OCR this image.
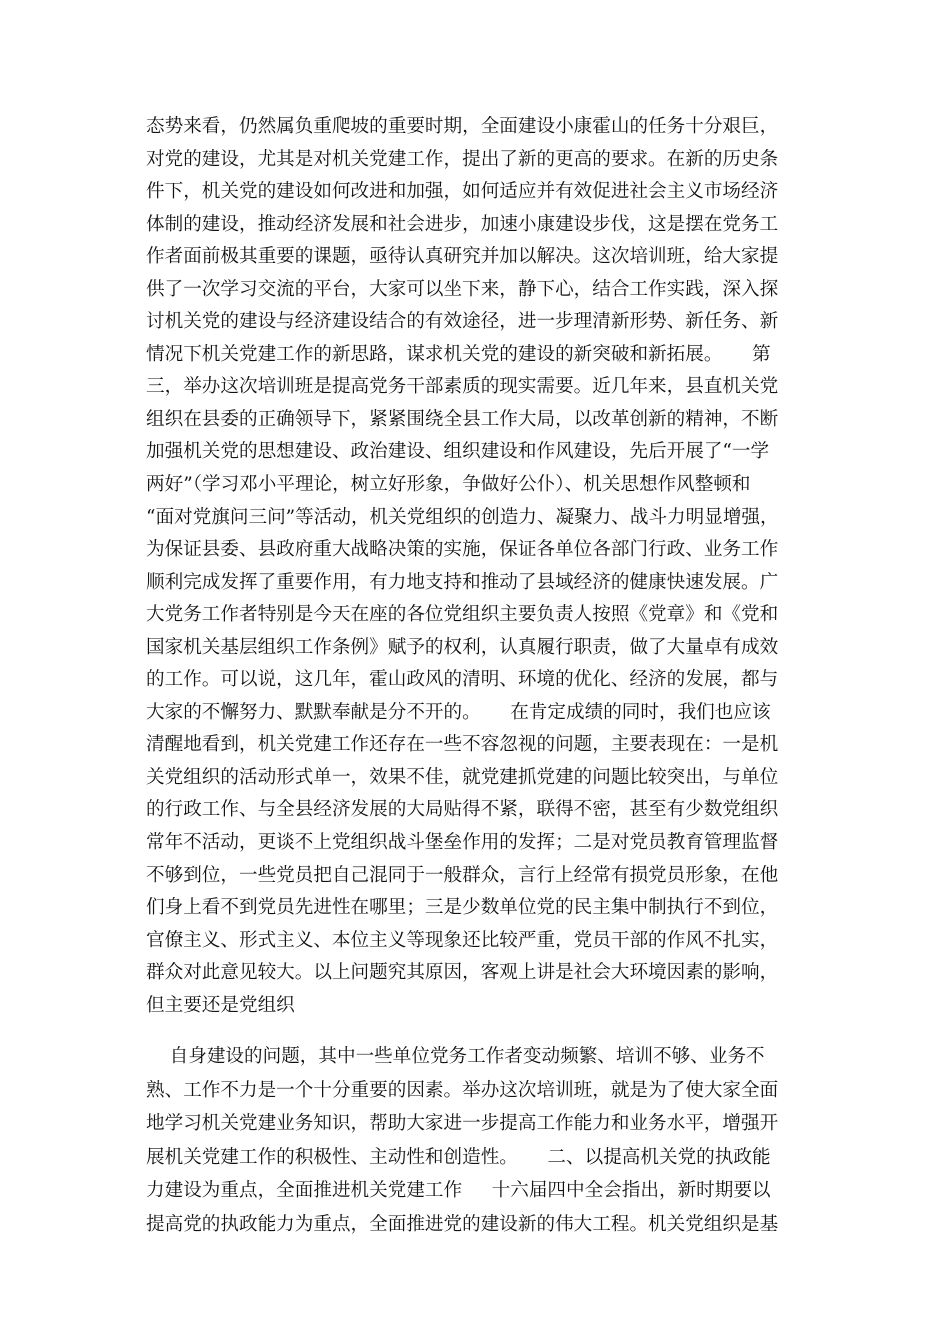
态势来看，仍然属负重爬坡的重要时期，全面建设小康霍山的任务十分艰巨，
对党的建设，尤其是对机关党建工作，提出了新的更高的要求。在新的历史条
件下，机关党的建设如何改进和加强，如何适应并有效促进社会主义市场经济
体制的建设，推动经济发展和社会进步，加速小康建设步伐，这是摆在党务工
作者面前极其重要的课题，亟待认真研究并加以解决。这次培训班，给大家提
供了一次学习交流的平台，大家可以坐下来，静下心，结合工作实践，深入探
讨机关党的建设与经济建设结合的有效途径，进一步理清新形势、新任务、新
情况下机关党建工作的新思路，谋求机关党的建设的新突破和新拓展。     第
三，举办这次培训班是提高党务干部素质的现实需要。近几年来，县直机关党
组织在县委的正确领导下，紧紧围绕全县工作大局，以改革创新的精神，不断
加强机关党的思想建设、政治建设、组织建设和作风建设，先后开展了“一学
两好”（学习邓小平理论，树立好形象，争做好公仆）、机关思想作风整顿和
“面对党旗问三问”等活动，机关党组织的创造力、凝聚力、战斗力明显增强，
为保证县委、县政府重大战略决策的实施，保证各单位各部门行政、业务工作
顺利完成发挥了重要作用，有力地支持和推动了县域经济的健康快速发展。广
大党务工作者特别是今天在座的各位党组织主要负责人按照《党章》和《党和
国家机关基层组织工作条例》赋予的权利，认真履行职责，做了大量卓有成效
的工作。可以说，这几年，霍山政风的清明、环境的优化、经济的发展，都与
大家的不懈努力、默默奉献是分不开的。     在肯定成绩的同时，我们也应该
清醒地看到，机关党建工作还存在一些不容忽视的问题，主要表现在：一是机
关党组织的活动形式单一，效果不佳，就党建抓党建的问题比较突出，与单位
的行政工作、与全县经济发展的大局贴得不紧，联得不密，甚至有少数党组织
常年不活动，更谈不上党组织战斗堡垒作用的发挥；二是对党员教育管理监督
不够到位，一些党员把自己混同于一般群众，言行上经常有损党员形象，在他
们身上看不到党员先进性在哪里；三是少数单位党的民主集中制执行不到位，
官僚主义、形式主义、本位主义等现象还比较严重，党员干部的作风不扎实，
群众对此意见较大。以上问题究其原因，客观上讲是社会大环境因素的影响，
但主要还是党组织
自身建设的问题，其中一些单位党务工作者变动频繁、培训不够、业务不
熟、工作不力是一个十分重要的因素。举办这次培训班，就是为了使大家全面
地学习机关党建业务知识，帮助大家进一步提高工作能力和业务水平，增强开
展机关党建工作的积极性、主动性和创造性。     二、以提高机关党的执政能
力建设为重点，全面推进机关党建工作     十六届四中全会指出，新时期要以
提高党的执政能力为重点，全面推进党的建设新的伟大工程。机关党组织是基
